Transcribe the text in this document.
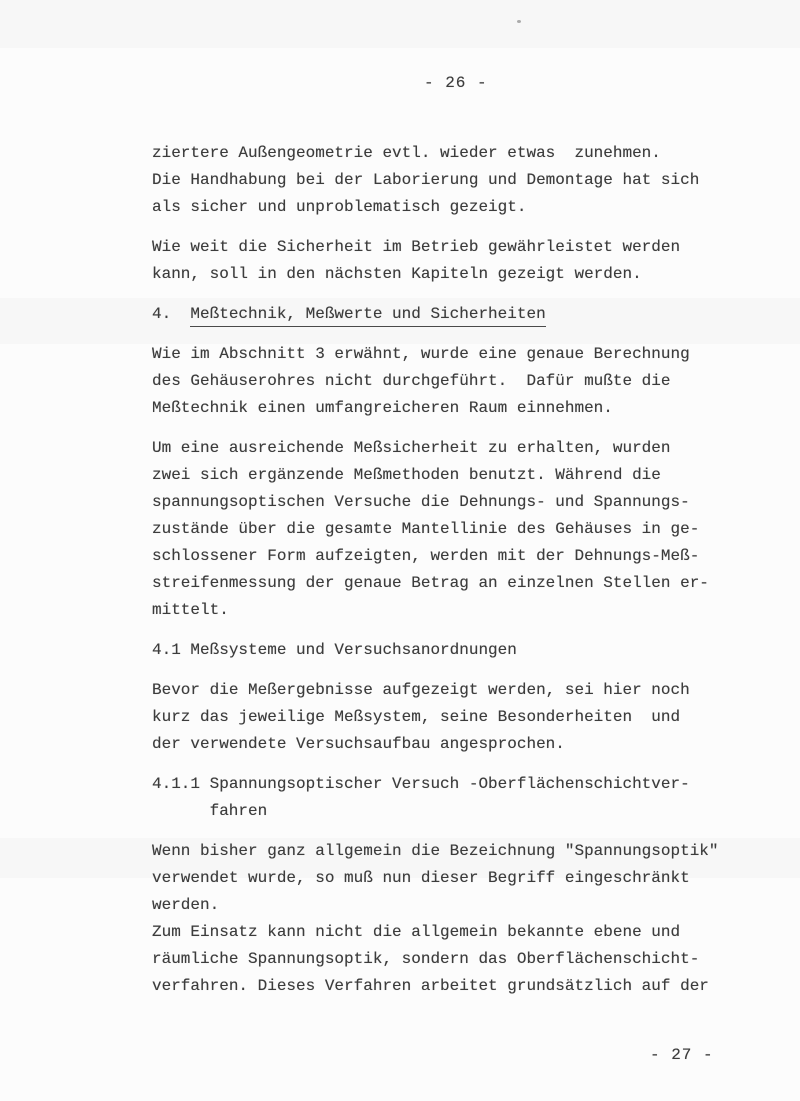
- 26 -

ziertere Außengeometrie evtl. wieder etwas  zunehmen.
Die Handhabung bei der Laborierung und Demontage hat sich
als sicher und unproblematisch gezeigt.

Wie weit die Sicherheit im Betrieb gewährleistet werden
kann, soll in den nächsten Kapiteln gezeigt werden.

4.  Meßtechnik, Meßwerte und Sicherheiten

Wie im Abschnitt 3 erwähnt, wurde eine genaue Berechnung
des Gehäuserohres nicht durchgeführt.  Dafür mußte die
Meßtechnik einen umfangreicheren Raum einnehmen.

Um eine ausreichende Meßsicherheit zu erhalten, wurden
zwei sich ergänzende Meßmethoden benutzt. Während die
spannungsoptischen Versuche die Dehnungs- und Spannungs-
zustände über die gesamte Mantellinie des Gehäuses in ge-
schlossener Form aufzeigten, werden mit der Dehnungs-Meß-
streifenmessung der genaue Betrag an einzelnen Stellen er-
mittelt.

4.1 Meßsysteme und Versuchsanordnungen

Bevor die Meßergebnisse aufgezeigt werden, sei hier noch
kurz das jeweilige Meßsystem, seine Besonderheiten  und
der verwendete Versuchsaufbau angesprochen.

4.1.1 Spannungsoptischer Versuch -Oberflächenschichtver-
fahren

Wenn bisher ganz allgemein die Bezeichnung "Spannungsoptik"
verwendet wurde, so muß nun dieser Begriff eingeschränkt
werden.
Zum Einsatz kann nicht die allgemein bekannte ebene und
räumliche Spannungsoptik, sondern das Oberflächenschicht-
verfahren. Dieses Verfahren arbeitet grundsätzlich auf der

- 27 -
